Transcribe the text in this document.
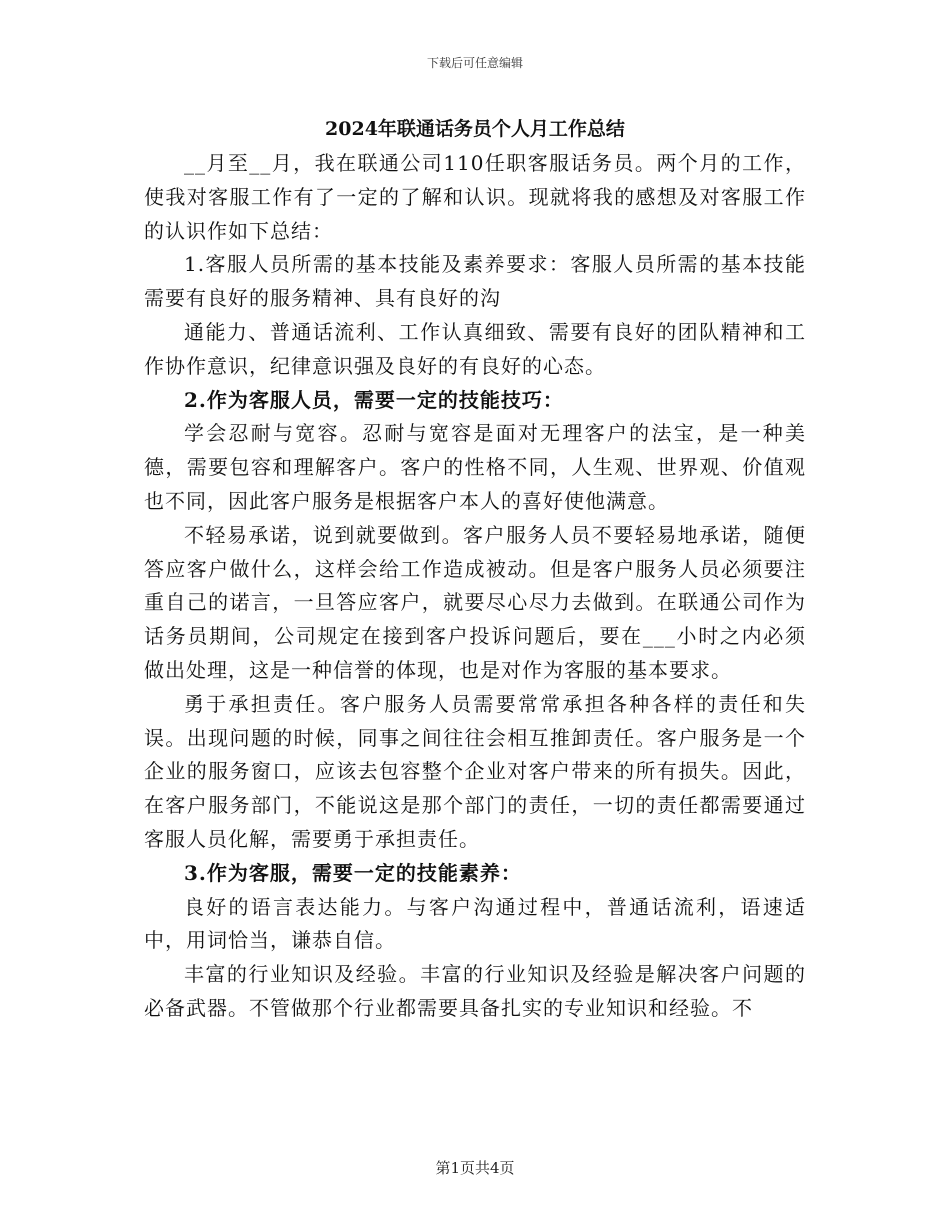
下载后可任意编辑
2024年联通话务员个人月工作总结

__月至__月，我在联通公司110任职客服话务员。两个月的工作，使我对客服工作有了一定的了解和认识。现就将我的感想及对客服工作的认识作如下总结：

1.客服人员所需的基本技能及素养要求：客服人员所需的基本技能需要有良好的服务精神、具有良好的沟

通能力、普通话流利、工作认真细致、需要有良好的团队精神和工作协作意识，纪律意识强及良好的有良好的心态。

2.作为客服人员，需要一定的技能技巧：

学会忍耐与宽容。忍耐与宽容是面对无理客户的法宝，是一种美德，需要包容和理解客户。客户的性格不同，人生观、世界观、价值观也不同，因此客户服务是根据客户本人的喜好使他满意。

不轻易承诺，说到就要做到。客户服务人员不要轻易地承诺，随便答应客户做什么，这样会给工作造成被动。但是客户服务人员必须要注重自己的诺言，一旦答应客户，就要尽心尽力去做到。在联通公司作为话务员期间，公司规定在接到客户投诉问题后，要在___小时之内必须做出处理，这是一种信誉的体现，也是对作为客服的基本要求。

勇于承担责任。客户服务人员需要常常承担各种各样的责任和失误。出现问题的时候，同事之间往往会相互推卸责任。客户服务是一个企业的服务窗口，应该去包容整个企业对客户带来的所有损失。因此，在客户服务部门，不能说这是那个部门的责任，一切的责任都需要通过客服人员化解，需要勇于承担责任。

3.作为客服，需要一定的技能素养：

良好的语言表达能力。与客户沟通过程中，普通话流利，语速适中，用词恰当，谦恭自信。

丰富的行业知识及经验。丰富的行业知识及经验是解决客户问题的必备武器。不管做那个行业都需要具备扎实的专业知识和经验。不

第1页共4页
